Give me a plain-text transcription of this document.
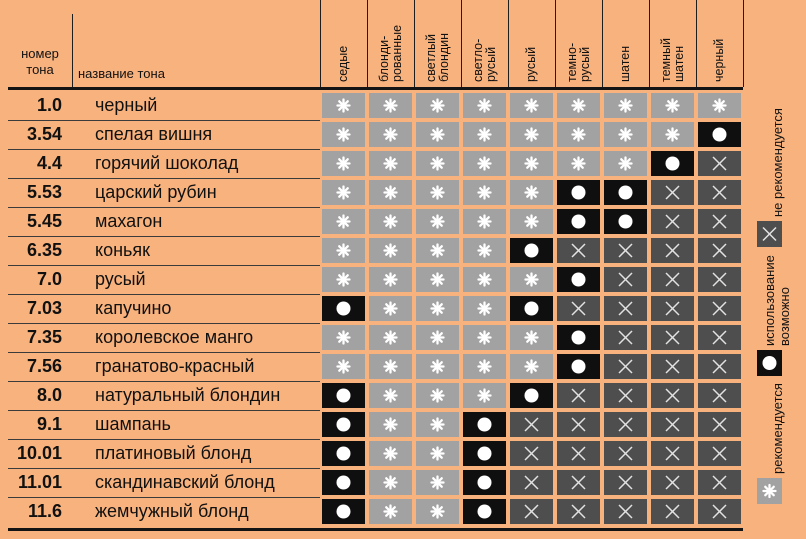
номер
тона	название тона	седые блонди- рованные светлый блондин светло- русый русый темно- русый шатен темный шатен черный
1.0 черный
3.54 спелая вишня
4.4 горячий шоколад
5.53 царский рубин
5.45 махагон
6.35 коньяк
7.0 русый
7.03 капучино
7.35 королевское манго
7.56 гранатово-красный
8.0 натуральный блондин
9.1 шампань
10.01 платиновый блонд
11.01 скандинавский блонд
11.6 жемчужный блонд
не рекомендуется
использование возможно
рекомендуется
